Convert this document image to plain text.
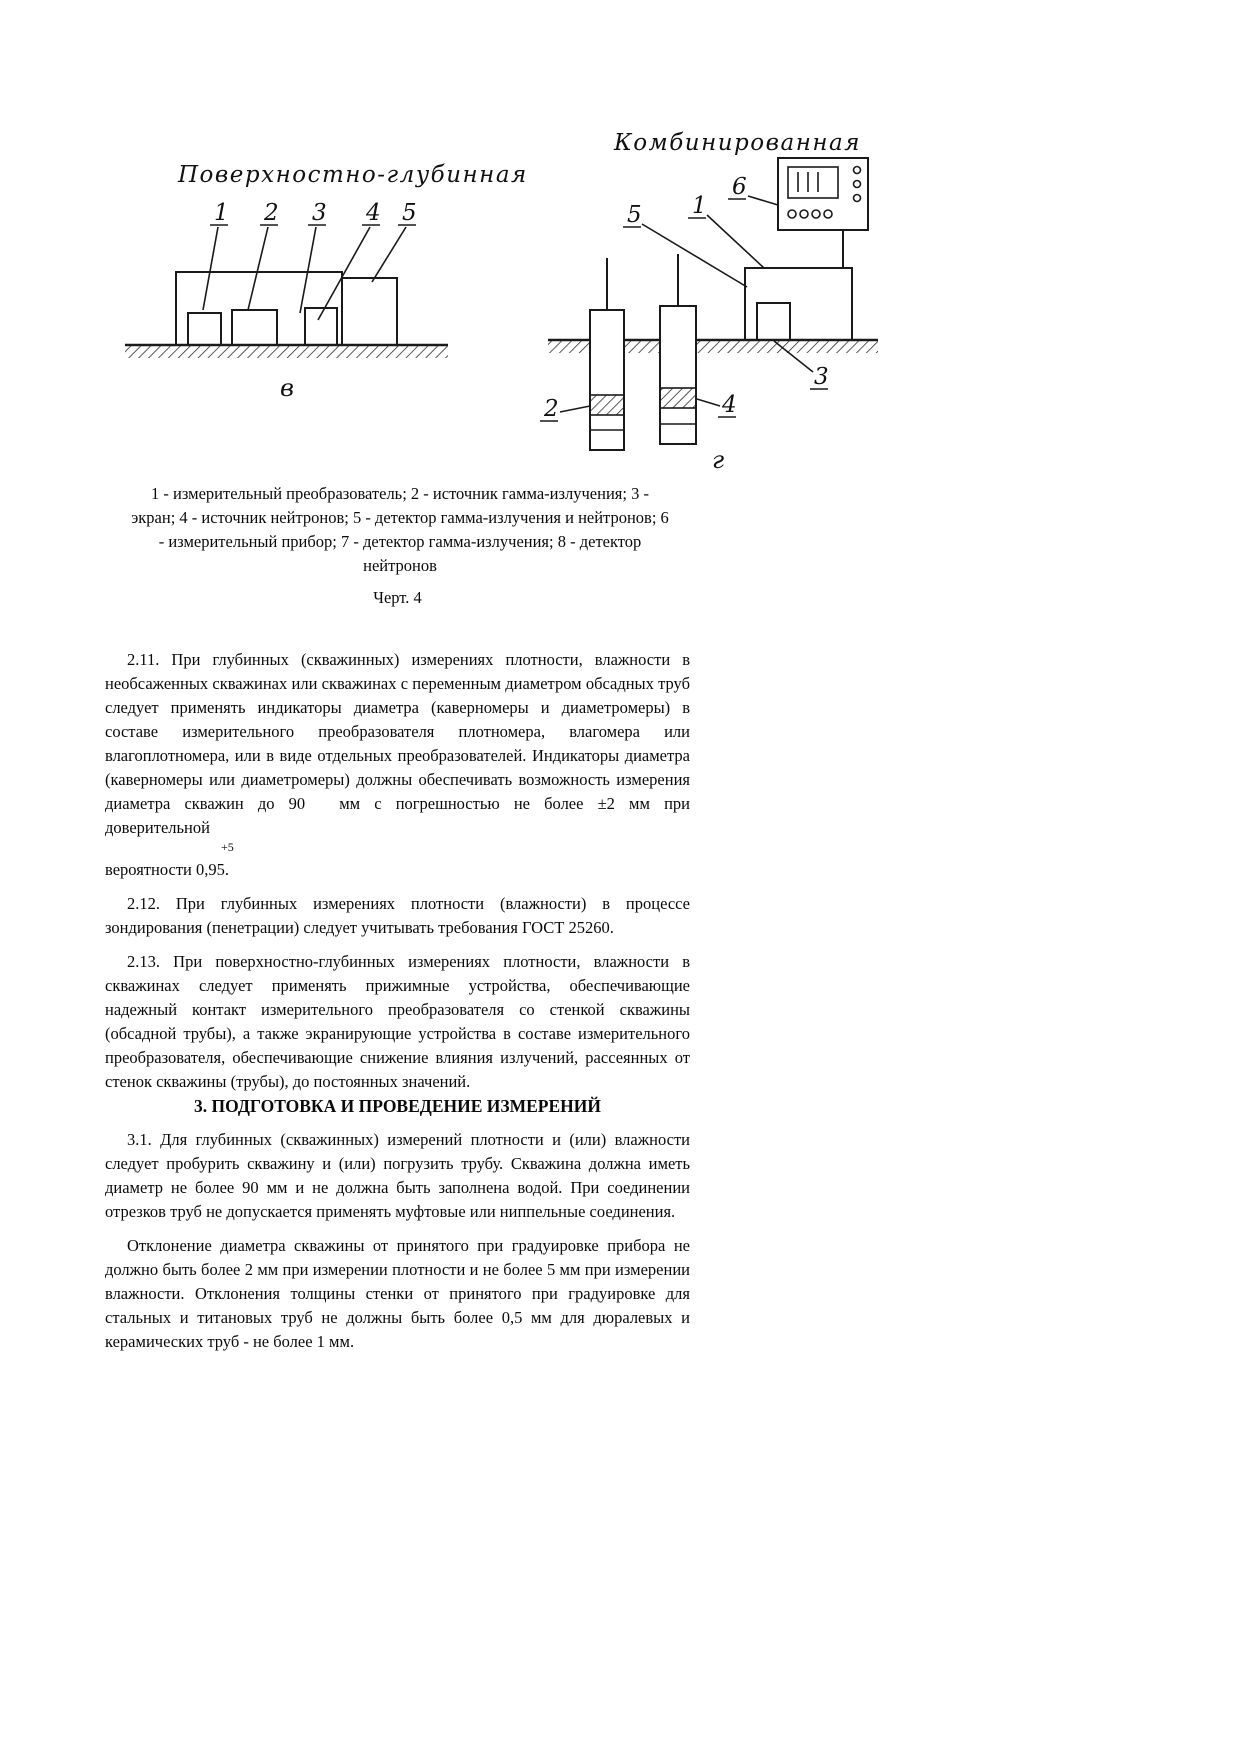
Поверхностно-глубинная
1 2 3 4 5
в
Комбинированная
6
1
5
2	4
3
г
1 - измерительный преобразователь; 2 - источник гамма-излучения; 3 - экран; 4 - источник нейтронов; 5 - детектор гамма-излучения и нейтронов; 6 - измерительный прибор; 7 - детектор гамма-излучения; 8 - детектор нейтронов
Черт. 4

2.11. При глубинных (скважинных) измерениях плотности, влажности в необсаженных скважинах или скважинах с переменным диаметром обсадных труб следует применять индикаторы диаметра (каверномеры и диаметромеры) в составе измерительного преобразователя плотномера, влагомера или влагоплотномера, или в виде отдельных преобразователей. Индикаторы диаметра (каверномеры или диаметромеры) должны обеспечивать возможность измерения диаметра скважин до 90 мм с погрешностью не более ±2 мм при доверительной

+5

вероятности 0,95.

2.12. При глубинных измерениях плотности (влажности) в процессе зондирования (пенетрации) следует учитывать требования ГОСТ 25260.

2.13. При поверхностно-глубинных измерениях плотности, влажности в скважинах следует применять прижимные устройства, обеспечивающие надежный контакт измерительного преобразователя со стенкой скважины (обсадной трубы), а также экранирующие устройства в составе измерительного преобразователя, обеспечивающие снижение влияния излучений, рассеянных от стенок скважины (трубы), до постоянных значений.

3. ПОДГОТОВКА И ПРОВЕДЕНИЕ ИЗМЕРЕНИЙ

3.1. Для глубинных (скважинных) измерений плотности и (или) влажности следует пробурить скважину и (или) погрузить трубу. Скважина должна иметь диаметр не более 90 мм и не должна быть заполнена водой. При соединении отрезков труб не допускается применять муфтовые или ниппельные соединения.

Отклонение диаметра скважины от принятого при градуировке прибора не должно быть более 2 мм при измерении плотности и не более 5 мм при измерении влажности. Отклонения толщины стенки от принятого при градуировке для стальных и титановых труб не должны быть более 0,5 мм для дюралевых и керамических труб - не более 1 мм.
